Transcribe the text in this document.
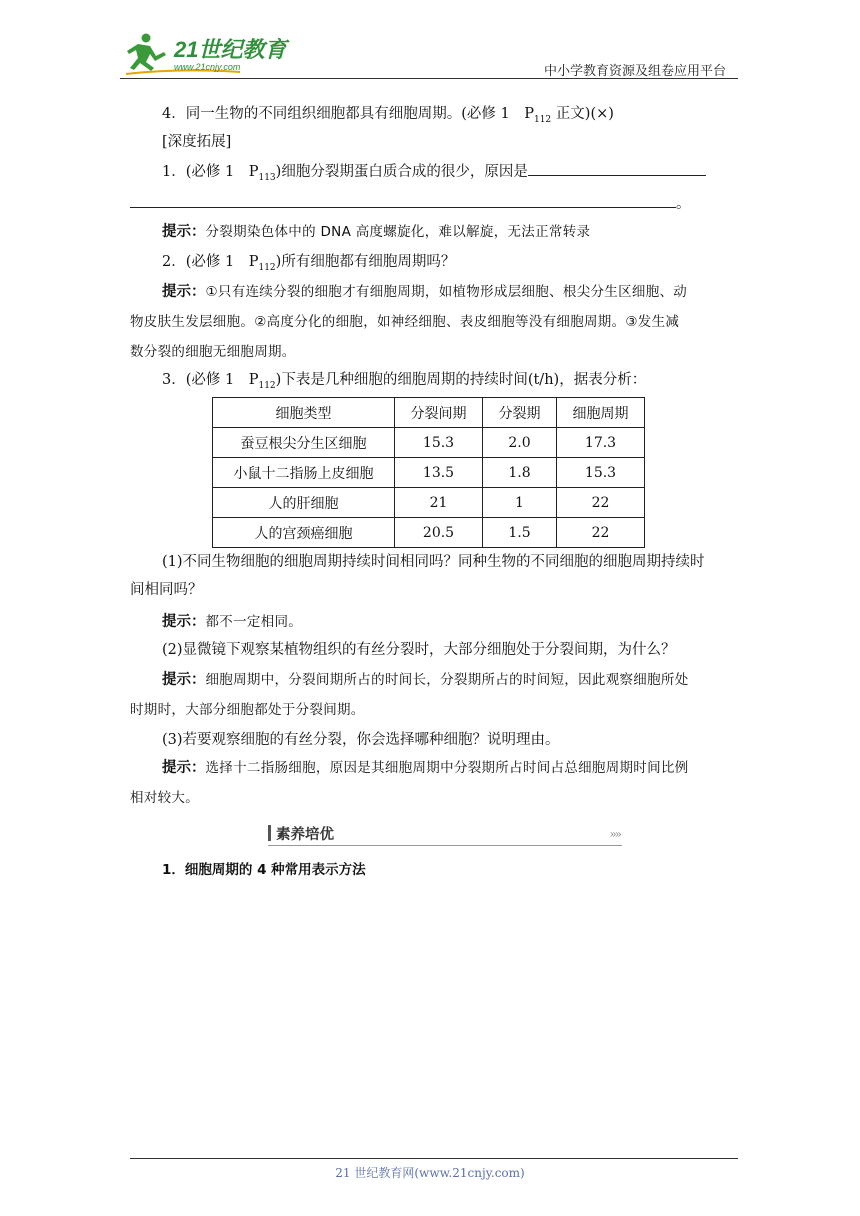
21世纪教育
www.21cnjy.com	中小学教育资源及组卷应用平台
4．同一生物的不同组织细胞都具有细胞周期。(必修 1　$P_{112}$ 正文)(×)
[深度拓展]
1．(必修 1　$P_{113}$)细胞分裂期蛋白质合成的很少，原因是
。
提示：分裂期染色体中的 DNA 高度螺旋化，难以解旋，无法正常转录
2．(必修 1　$P_{112}$)所有细胞都有细胞周期吗？
提示：①只有连续分裂的细胞才有细胞周期，如植物形成层细胞、根尖分生区细胞、动
物皮肤生发层细胞。②高度分化的细胞，如神经细胞、表皮细胞等没有细胞周期。③发生减
数分裂的细胞无细胞周期。
3．(必修 1　$P_{112}$)下表是几种细胞的细胞周期的持续时间(t/h)，据表分析：
细胞类型	分裂间期	分裂期	细胞周期
蚕豆根尖分生区细胞	15.3	2.0	17.3
小鼠十二指肠上皮细胞	13.5	1.8	15.3
人的肝细胞	21	1	22
人的宫颈癌细胞	20.5	1.5	22
(1)不同生物细胞的细胞周期持续时间相同吗？同种生物的不同细胞的细胞周期持续时
间相同吗？
提示：都不一定相同。
(2)显微镜下观察某植物组织的有丝分裂时，大部分细胞处于分裂间期，为什么？
提示：细胞周期中，分裂间期所占的时间长，分裂期所占的时间短，因此观察细胞所处
时期时，大部分细胞都处于分裂间期。
(3)若要观察细胞的有丝分裂，你会选择哪种细胞？说明理由。
提示：选择十二指肠细胞，原因是其细胞周期中分裂期所占时间占总细胞周期时间比例
相对较大。
素养培优	»»
1．细胞周期的 4 种常用表示方法
21 世纪教育网(www.21cnjy.com)
